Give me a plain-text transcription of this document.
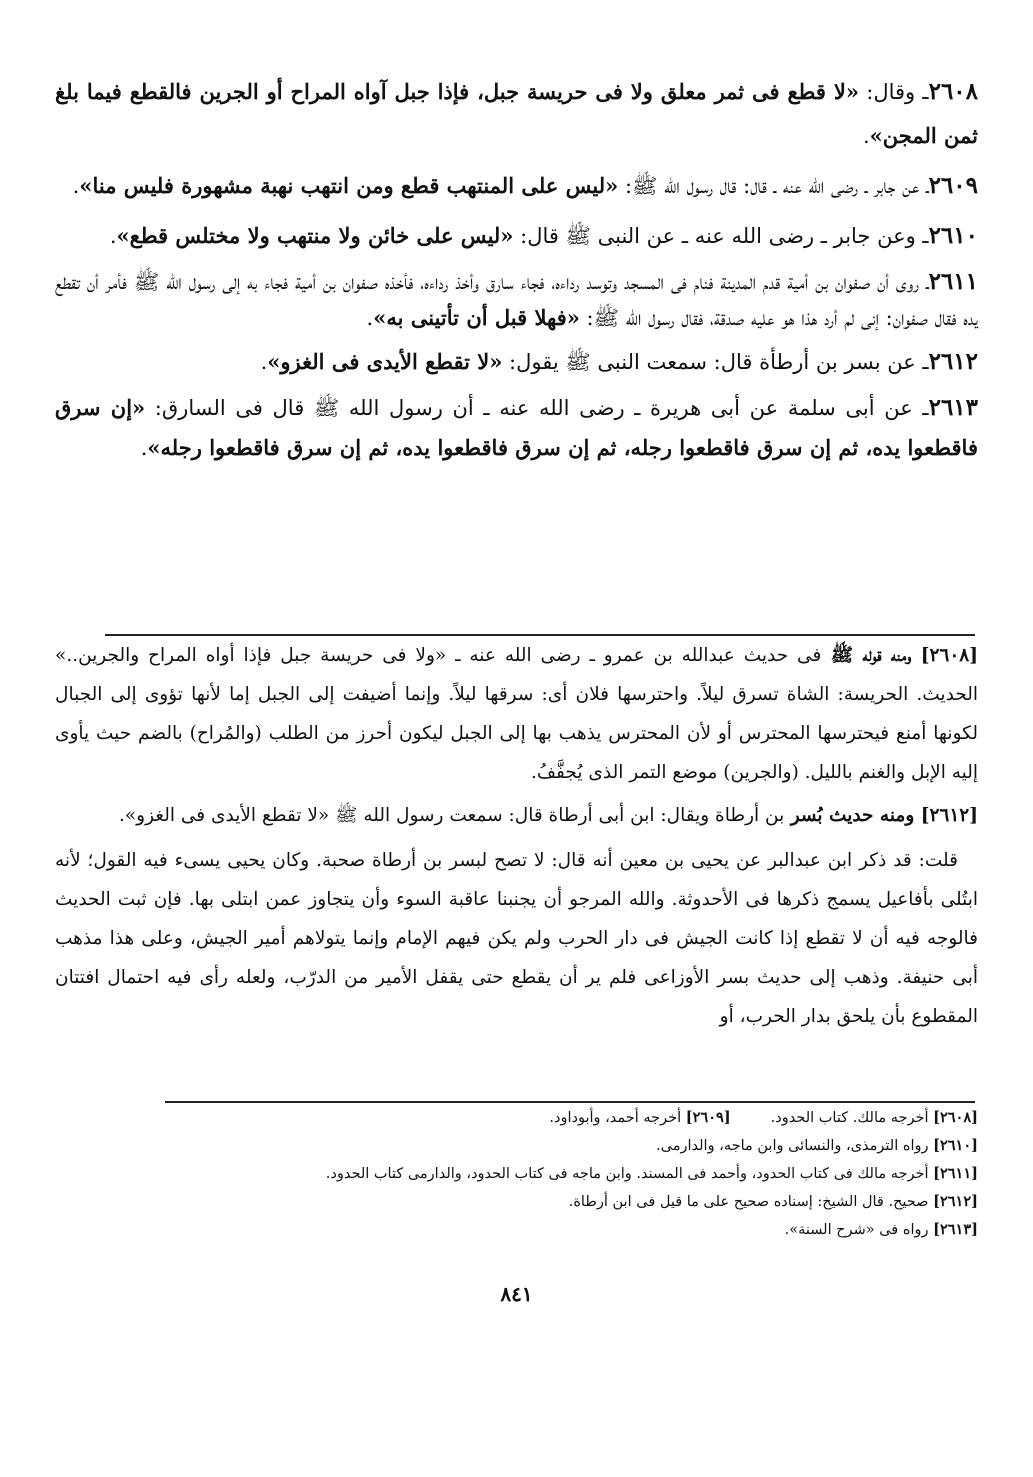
٢٦٠٨ـ وقال: «لا قطع فى ثمر معلق ولا فى حريسة جبل، فإذا جبل آواه المراح أو الجرين فالقطع فيما بلغ ثمن المجن».
٢٦٠٩ـ عن جابر ـ رضى الله عنه ـ قال: قال رسول الله ﷺ: «ليس على المنتهب قطع ومن انتهب نهبة مشهورة فليس منا».
٢٦١٠ـ وعن جابر ـ رضى الله عنه ـ عن النبى ﷺ قال: «ليس على خائن ولا منتهب ولا مختلس قطع».
٢٦١١ـ روى أن صفوان بن أمية قدم المدينة فنام فى المسجد وتوسد رداءه، فجاء سارق وأخذ رداءه، فأخذه صفوان بن أمية فجاء به إلى رسول الله ﷺ فأمر أن تقطع يده فقال صفوان: إنى لم أرد هذا هو عليه صدقة، فقال رسول الله ﷺ: «فهلا قبل أن تأتينى به».
٢٦١٢ـ عن بسر بن أرطأة قال: سمعت النبى ﷺ يقول: «لا تقطع الأيدى فى الغزو».
٢٦١٣ـ عن أبى سلمة عن أبى هريرة ـ رضى الله عنه ـ أن رسول الله ﷺ قال فى السارق: «إن سرق فاقطعوا يده، ثم إن سرق فاقطعوا رجله، ثم إن سرق فاقطعوا يده، ثم إن سرق فاقطعوا رجله».
[٢٦٠٨] ومنه قوله ﷺ فى حديث عبدالله بن عمرو ـ رضى الله عنه ـ «ولا فى حريسة جبل فإذا أواه المراح والجرين..» الحديث. الحريسة: الشاة تسرق ليلاً. واحترسها فلان أى: سرقها ليلاً. وإنما أضيفت إلى الجبل إما لأنها تؤوى إلى الجبال لكونها أمنع فيحترسها المحترس أو لأن المحترس يذهب بها إلى الجبل ليكون أحرز من الطلب (والمُراح) بالضم حيث يأوى إليه الإبل والغنم بالليل. (والجرين) موضع التمر الذى يُجفَّفُ.
[٢٦١٢] ومنه حديث بُسر بن أرطاة ويقال: ابن أبى أرطاة قال: سمعت رسول الله ﷺ «لا تقطع الأيدى فى الغزو».
قلت: قد ذكر ابن عبدالبر عن يحيى بن معين أنه قال: لا تصح لبسر بن أرطاة صحبة. وكان يحيى يسىء فيه القول؛ لأنه ابتُلى بأفاعيل يسمج ذكرها فى الأحدوثة. والله المرجو أن يجنبنا عاقبة السوء وأن يتجاوز عمن ابتلى بها. فإن ثبت الحديث فالوجه فيه أن لا تقطع إذا كانت الجيش فى دار الحرب ولم يكن فيهم الإمام وإنما يتولاهم أمير الجيش، وعلى هذا مذهب أبى حنيفة. وذهب إلى حديث بسر الأوزاعى فلم ير أن يقطع حتى يقفل الأمير من الدرّب، ولعله رأى فيه احتمال افتتان المقطوع بأن يلحق بدار الحرب، أو
[٢٦٠٨] أخرجه مالك. كتاب الحدود.[٢٦٠٩] أخرجه أحمد، وأبوداود.
[٢٦١٠] رواه الترمذى، والنسائى وابن ماجه، والدارمى.
[٢٦١١] أخرجه مالك فى كتاب الحدود، وأحمد فى المسند. وابن ماجه فى كتاب الحدود، والدارمى كتاب الحدود.
[٢٦١٢] صحيح. قال الشيخ: إسناده صحيح على ما قيل فى ابن أرطاة.
[٢٦١٣] رواه فى «شرح السنة».
٨٤١
